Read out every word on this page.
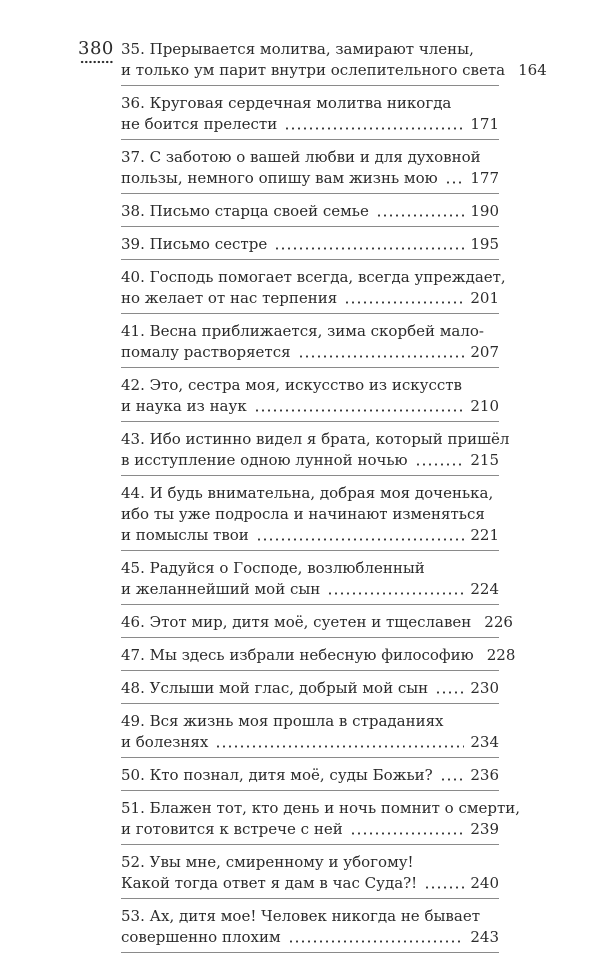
380 35. Прерывается молитва, замирают члены,
и только ум парит внутри ослепительного света 164
36. Круговая сердечная молитва никогда
не боится прелести	171
37. С заботою о вашей любви и для духовной
пользы, немного опишу вам жизнь мою 177
38. Письмо старца своей семье	190
39. Письмо сестре	195
40. Господь помогает всегда, всегда упреждает,
но желает от нас терпения	201
41. Весна приближается, зима скорбей мало-
помалу растворяется	207
42. Это, сестра моя, искусство из искусств
и наука из наук	210
43. Ибо истинно видел я брата, который пришёл
в исступление одною лунной ночью	215
44. И будь внимательна, добрая моя доченька,
ибо ты уже подросла и начинают изменяться
и помыслы твои	221
45. Радуйся о Господе, возлюбленный
и желаннейший мой сын	224
46. Этот мир, дитя моё, суетен и тщеславен 226
47. Мы здесь избрали небесную философию 228
48. Услыши мой глас, добрый мой сын	230
49. Вся жизнь моя прошла в страданиях
и болезнях	234
50. Кто познал, дитя моё, суды Божьи?	236
51. Блажен тот, кто день и ночь помнит о смерти,
и готовится к встрече с ней	239
52. Увы мне, смиренному и убогому!
Какой тогда ответ я дам в час Суда?!	240
53. Ах, дитя мое! Человек никогда не бывает
совершенно плохим	243
